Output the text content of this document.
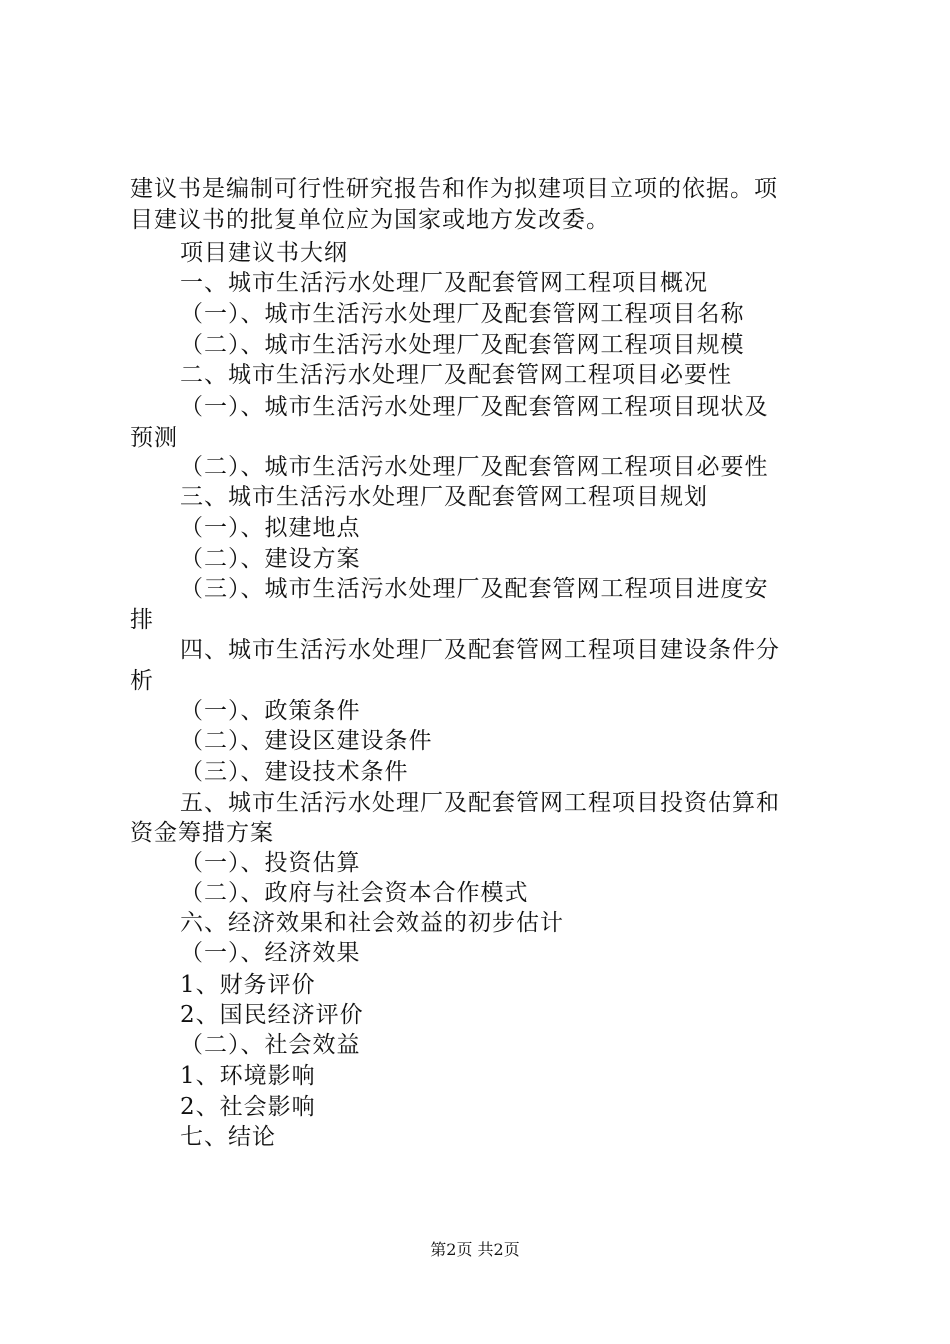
建议书是编制可行性研究报告和作为拟建项目立项的依据。项
目建议书的批复单位应为国家或地方发改委。
项目建议书大纲
一、城市生活污水处理厂及配套管网工程项目概况
（一）、城市生活污水处理厂及配套管网工程项目名称
（二）、城市生活污水处理厂及配套管网工程项目规模
二、城市生活污水处理厂及配套管网工程项目必要性
（一）、城市生活污水处理厂及配套管网工程项目现状及
预测
（二）、城市生活污水处理厂及配套管网工程项目必要性
三、城市生活污水处理厂及配套管网工程项目规划
（一）、拟建地点
（二）、建设方案
（三）、城市生活污水处理厂及配套管网工程项目进度安
排
四、城市生活污水处理厂及配套管网工程项目建设条件分
析
（一）、政策条件
（二）、建设区建设条件
（三）、建设技术条件
五、城市生活污水处理厂及配套管网工程项目投资估算和
资金筹措方案
（一）、投资估算
（二）、政府与社会资本合作模式
六、经济效果和社会效益的初步估计
（一）、经济效果
1、财务评价
2、国民经济评价
（二）、社会效益
1、环境影响
2、社会影响
七、结论
第2页 共2页
